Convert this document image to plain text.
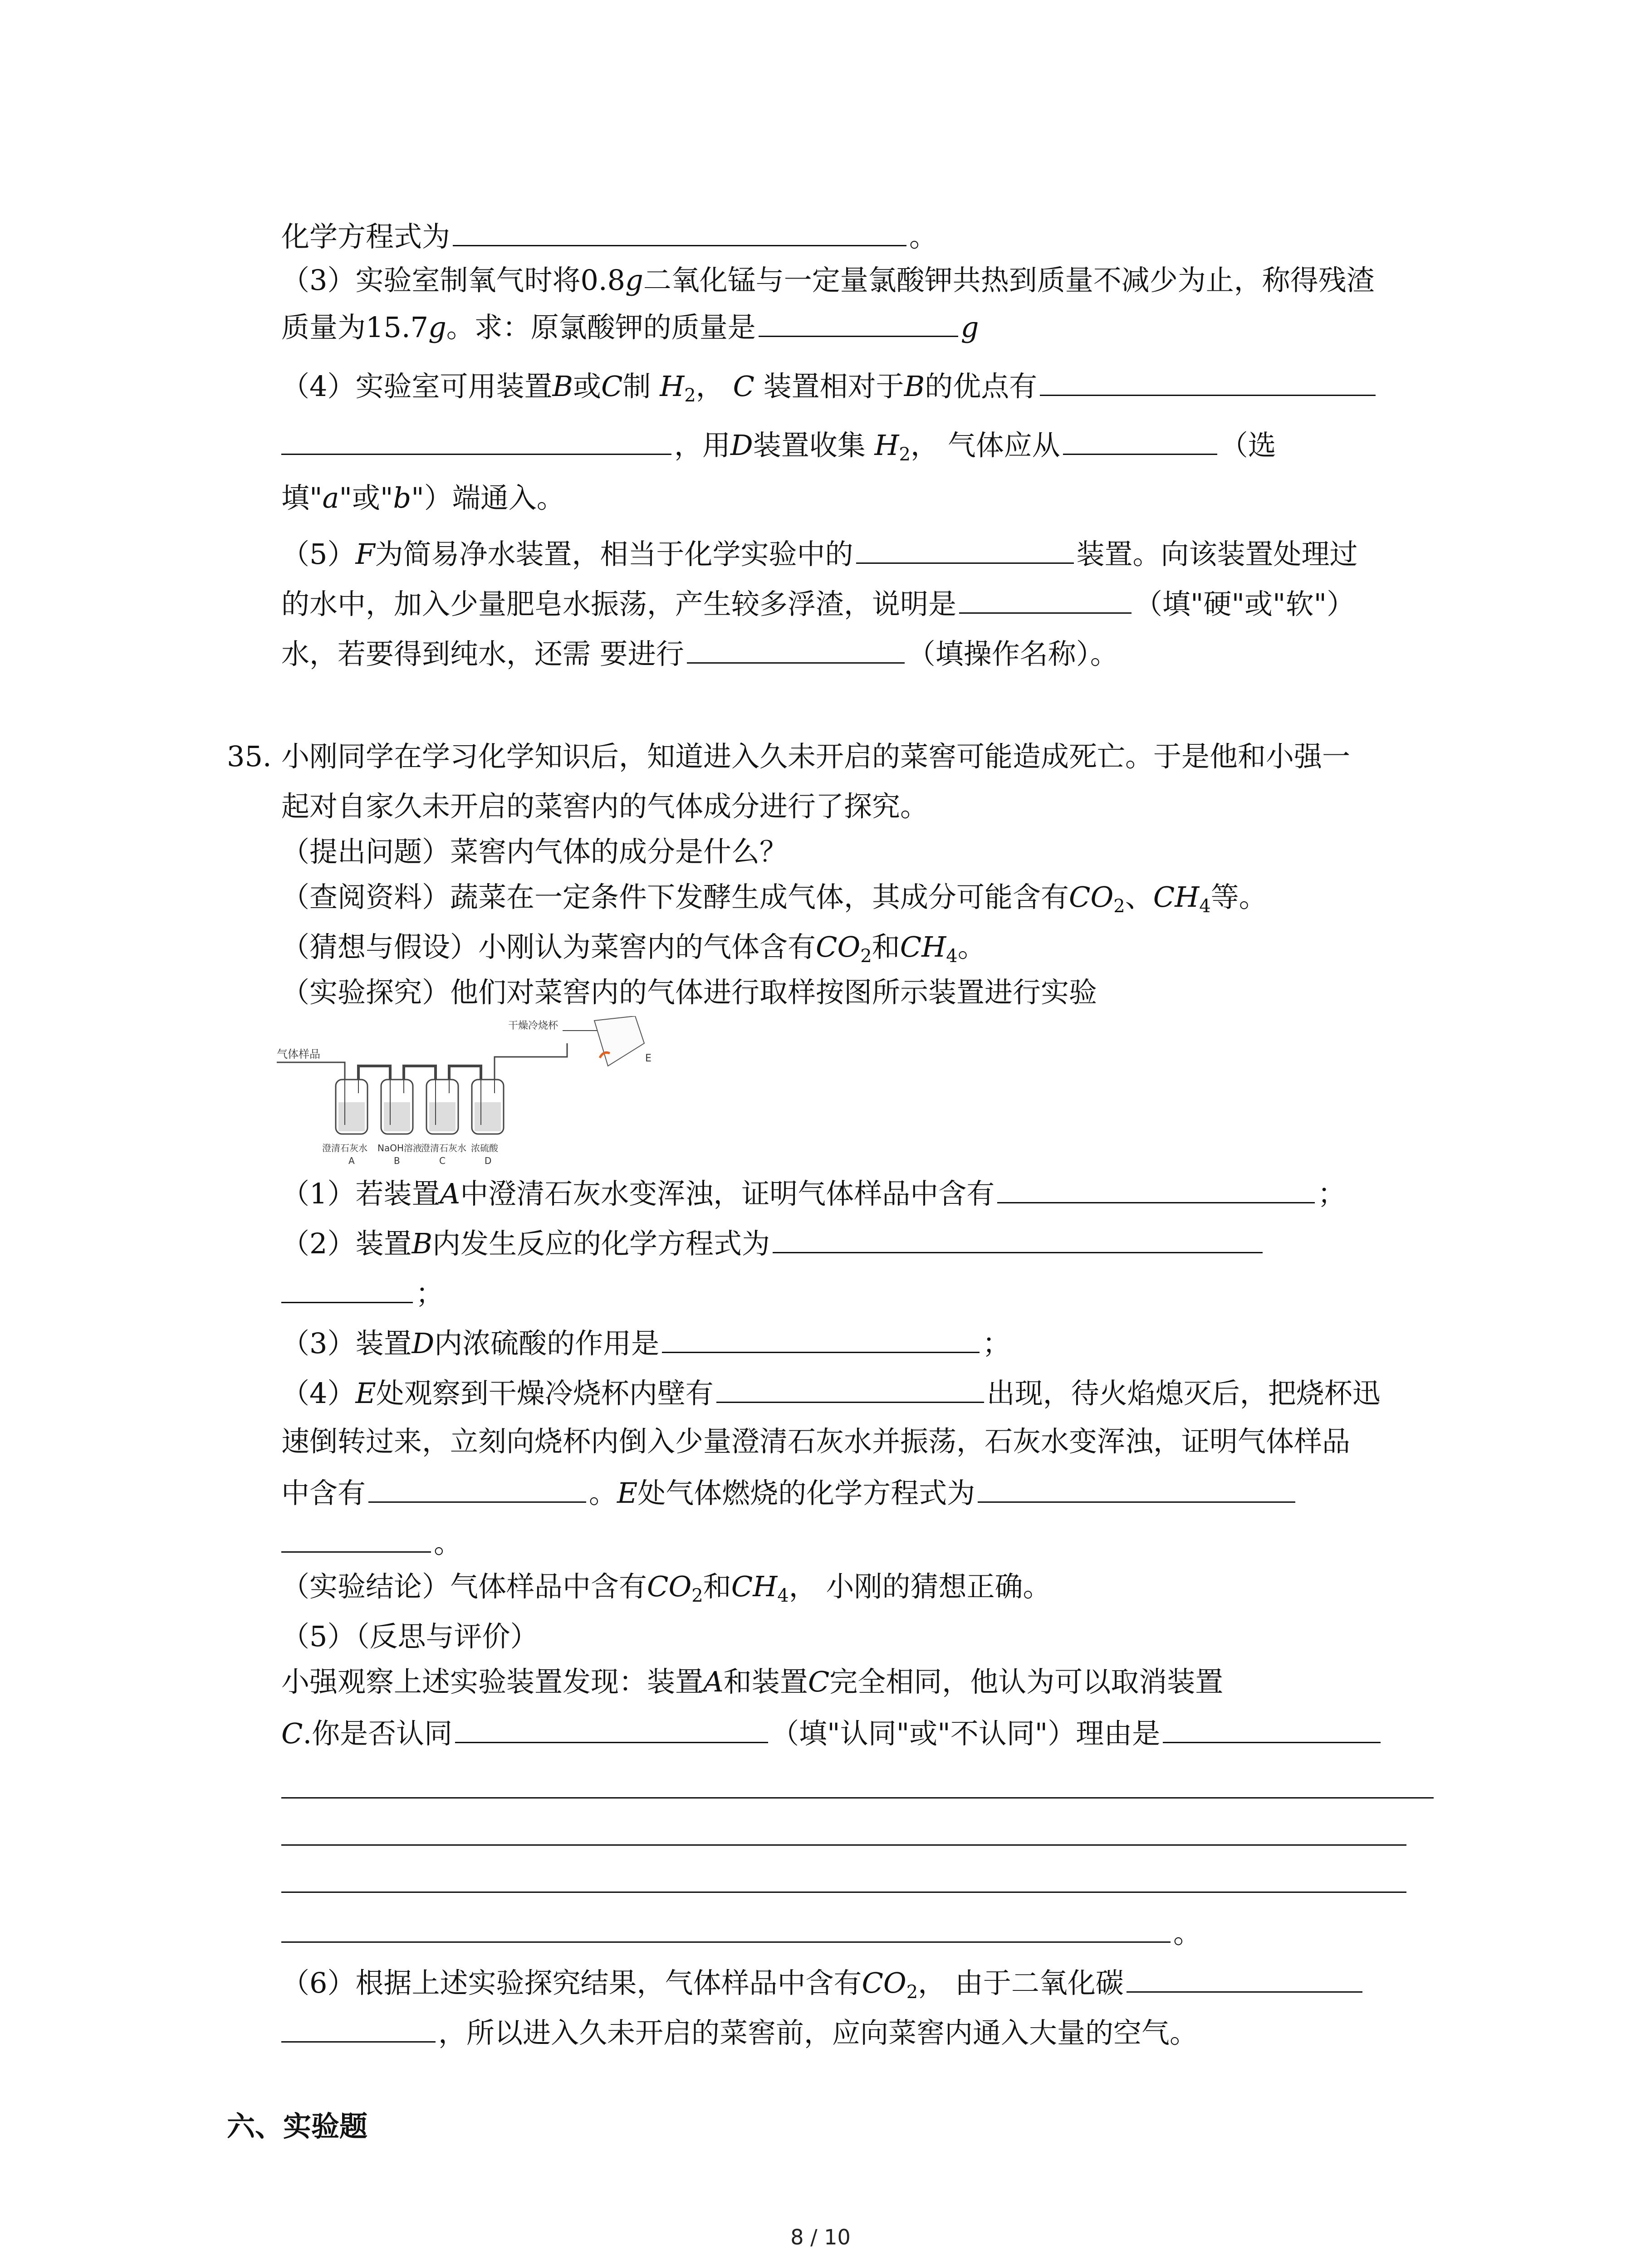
化学方程式为	。
（3）实验室制氧气时将0.8g二氧化锰与一定量氯酸钾共热到质量不减少为止，称得残渣
质量为15.7g。求：原氯酸钾的质量是	g
（4）实验室可用装置B或C制 $H_2$， C 装置相对于B的优点有
，用D装置收集 $H_2$， 气体应从	（选
填"a"或"b"）端通入。
（5）F为简易净水装置，相当于化学实验中的	装置。向该装置处理过
的水中，加入少量肥皂水振荡，产生较多浮渣，说明是	（填"硬"或"软"）
水，若要得到纯水，还需 要进行	（填操作名称）。
35. 小刚同学在学习化学知识后，知道进入久未开启的菜窖可能造成死亡。于是他和小强一
起对自家久未开启的菜窖内的气体成分进行了探究。
（提出问题）菜窖内气体的成分是什么？
（查阅资料）蔬菜在一定条件下发酵生成气体，其成分可能含有$CO_2$、$CH_4$等。
（猜想与假设）小刚认为菜窖内的气体含有$CO_2$和$CH_4$。
（实验探究）他们对菜窖内的气体进行取样按图所示装置进行实验
气体样品
干燥冷烧杯
E
澄清石灰水 NaOH溶液
澄清石灰水 浓硫酸
A	B	C	D
（1）若装置A中澄清石灰水变浑浊，证明气体样品中含有	；
（2）装置B内发生反应的化学方程式为
；
（3）装置D内浓硫酸的作用是	；
（4）E处观察到干燥冷烧杯内壁有	出现，待火焰熄灭后，把烧杯迅
速倒转过来，立刻向烧杯内倒入少量澄清石灰水并振荡，石灰水变浑浊，证明气体样品
中含有	。E处气体燃烧的化学方程式为
。
（实验结论）气体样品中含有$CO_2$和$CH_4$， 小刚的猜想正确。
（5）（反思与评价）
小强观察上述实验装置发现：装置A和装置C完全相同，他认为可以取消装置
C.你是否认同	（填"认同"或"不认同"）理由是
。
（6）根据上述实验探究结果，气体样品中含有$CO_2$， 由于二氧化碳
，所以进入久未开启的菜窖前，应向菜窖内通入大量的空气。
六、实验题
8 / 10
